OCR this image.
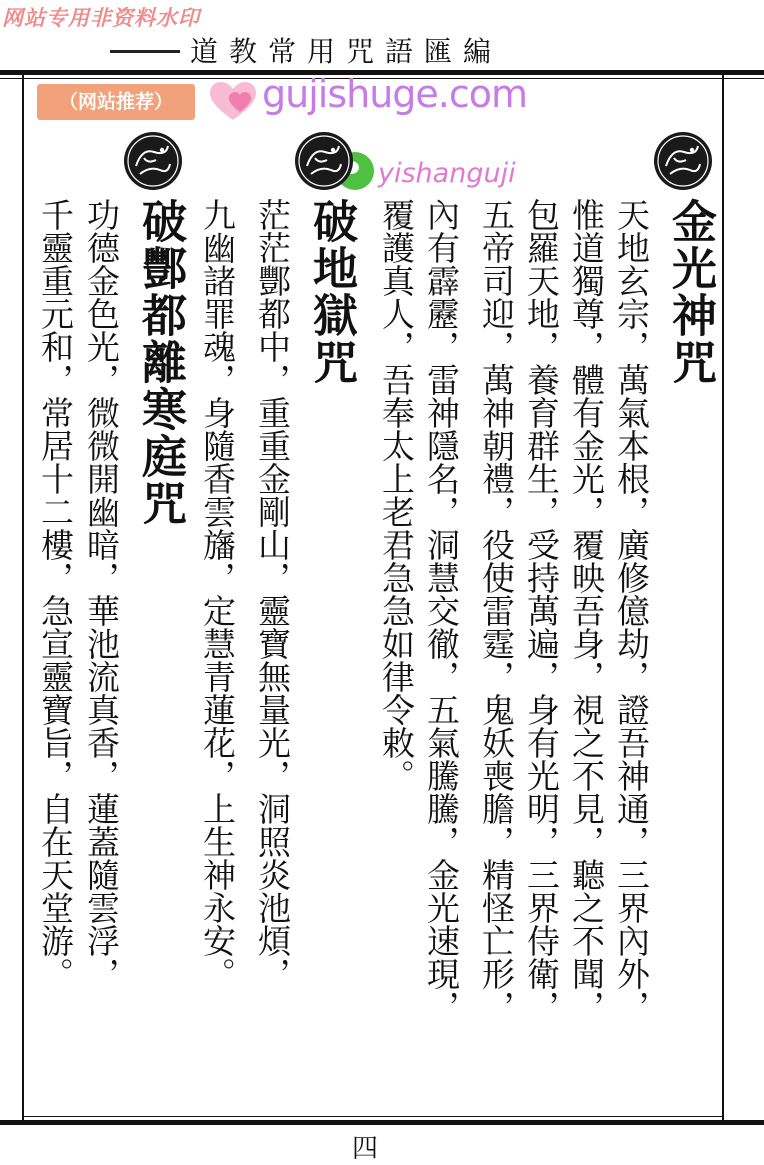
网站专用非资料水印
道教常用咒語匯編
（网站推荐）	gujishuge.com
yishanguji
金光神咒
天地玄宗，萬氣本根，廣修億劫，證吾神通，三界內外，
惟道獨尊，體有金光，覆映吾身，視之不見，聽之不聞，
包羅天地，養育群生，受持萬遍，身有光明，三界侍衛，
五帝司迎，萬神朝禮，役使雷霆，鬼妖喪膽，精怪亡形，
內有霹靂，雷神隱名，洞慧交徹，五氣騰騰，金光速現，
覆護真人，吾奉太上老君急急如律令敕。
破地獄咒
茫茫酆都中，重重金剛山，靈寶無量光，洞照炎池煩，
九幽諸罪魂，身隨香雲旛，定慧青蓮花，上生神永安。
破酆都離寒庭咒
功德金色光，微微開幽暗，華池流真香，蓮蓋隨雲浮，
千靈重元和，常居十二樓，急宣靈寶旨，自在天堂游。
四
